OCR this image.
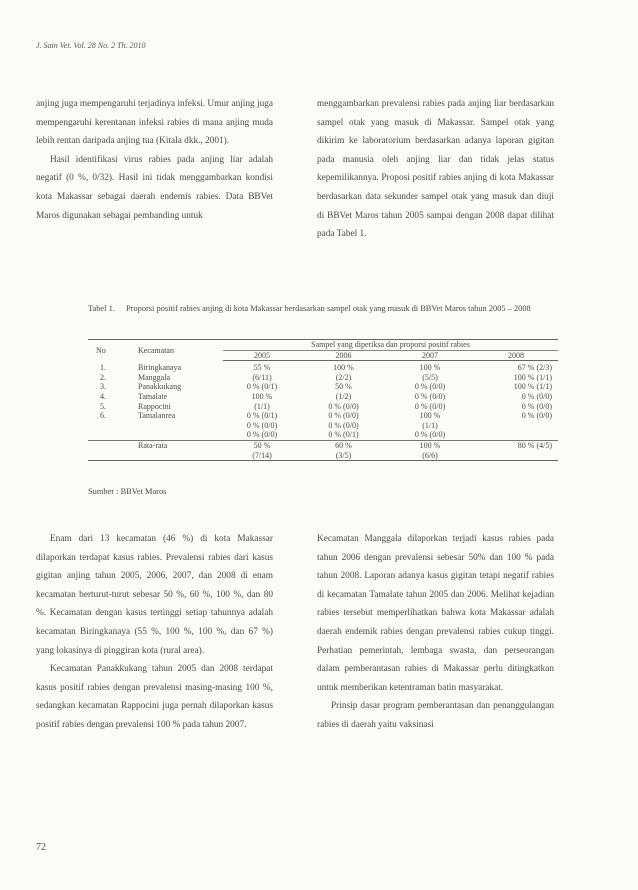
J. Sain Vet. Vol. 28 No. 2 Th. 2010

anjing juga mempengaruhi terjadinya infeksi. Umur anjing juga mempengaruhi kerentanan infeksi rabies di mana anjing muda lebih rentan daripada anjing tua (Kitala dkk., 2001).

Hasil identifikasi virus rabies pada anjing liar adalah negatif (0 %, 0/32). Hasil ini tidak menggambarkan kondisi kota Makassar sebagai daerah endemis rabies. Data BBVet Maros digunakan sebagai pembanding untuk

menggambarkan prevalensi rabies pada anjing liar berdasarkan sampel otak yang masuk di Makassar. Sampel otak yang dikirim ke laboratorium berdasarkan adanya laporan gigitan pada manusia oleh anjing liar dan tidak jelas status kepemilikannya. Proposi positif rabies anjing di kota Makassar berdasarkan data sekunder sampel otak yang masuk dan diuji di BBVet Maros tahun 2005 sampai dengan 2008 dapat dilihat pada Tabel 1.

Tabel 1. Proporsi positif rabies anjing di kota Makassar berdasarkan sampel otak yang masuk di BBVet Maros tahun 2005 – 2008
No	Kecamatan	Sampel yang diperiksa dan proporsi positif rabies			
		2005	2006	2007	2008
1.	Biringkanaya	55 %	100 %	100 %	67 % (2/3)
2.	Manggala	(6/11)	(2/2)	(5/5)	100 % (1/1)
3.	Panakkukang	0 % (0/1)	50 %	0 % (0/0)	100 % (1/1)
4.	Tamalate	100 %	(1/2)	0 % (0/0)	0 % (0/0)
5.	Rappocini	(1/1)	0 % (0/0)	0 % (0/0)	0 % (0/0)
6.	Tamalanrea	0 % (0/1)	0 % (0/0)	100 %	0 % (0/0)
		0 % (0/0)	0 % (0/0)	(1/1)	
		0 % (0/0)	0 % (0/1)	0 % (0/0)	
	Rata-rata	50 %	60 %	100 %	80 % (4/5)
		(7/14)	(3/5)	(6/6)	
Sumber : BBVet Maros

Enam dari 13 kecamatan (46 %) di kota Makassar dilaporkan terdapat kasus rabies. Prevalensi rabies dari kasus gigitan anjing tahun 2005, 2006, 2007, dan 2008 di enam kecamatan berturut-turut sebesar 50 %, 60 %, 100 %, dan 80 %. Kecamatan dengan kasus tertinggi setiap tahunnya adalah kecamatan Biringkanaya (55 %, 100 %, 100 %, dan 67 %) yang lokasinya di pinggiran kota (rural area).

Kecamatan Panakkukang tahun 2005 dan 2008 terdapat kasus positif rabies dengan prevalensi masing-masing 100 %, sedangkan kecamatan Rappocini juga pernah dilaporkan kasus positif rabies dengan prevalensi 100 % pada tahun 2007.

Kecamatan Manggala dilaporkan terjadi kasus rabies pada tahun 2006 dengan prevalensi sebesar 50% dan 100 % pada tahun 2008. Laporan adanya kasus gigitan tetapi negatif rabies di kecamatan Tamalate tahun 2005 dan 2006. Melihat kejadian rabies tersebut memperlihatkan bahwa kota Makassar adalah daerah endemik rabies dengan prevalensi rabies cukup tinggi. Perhatian pemerintah, lembaga swasta, dan perseorangan dalam pemberantasan rabies di Makassar perlu ditingkatkan untuk memberikan ketentraman batin masyarakat.

Prinsip dasar program pemberantasan dan penanggulangan rabies di daerah yaitu vaksinasi

72
